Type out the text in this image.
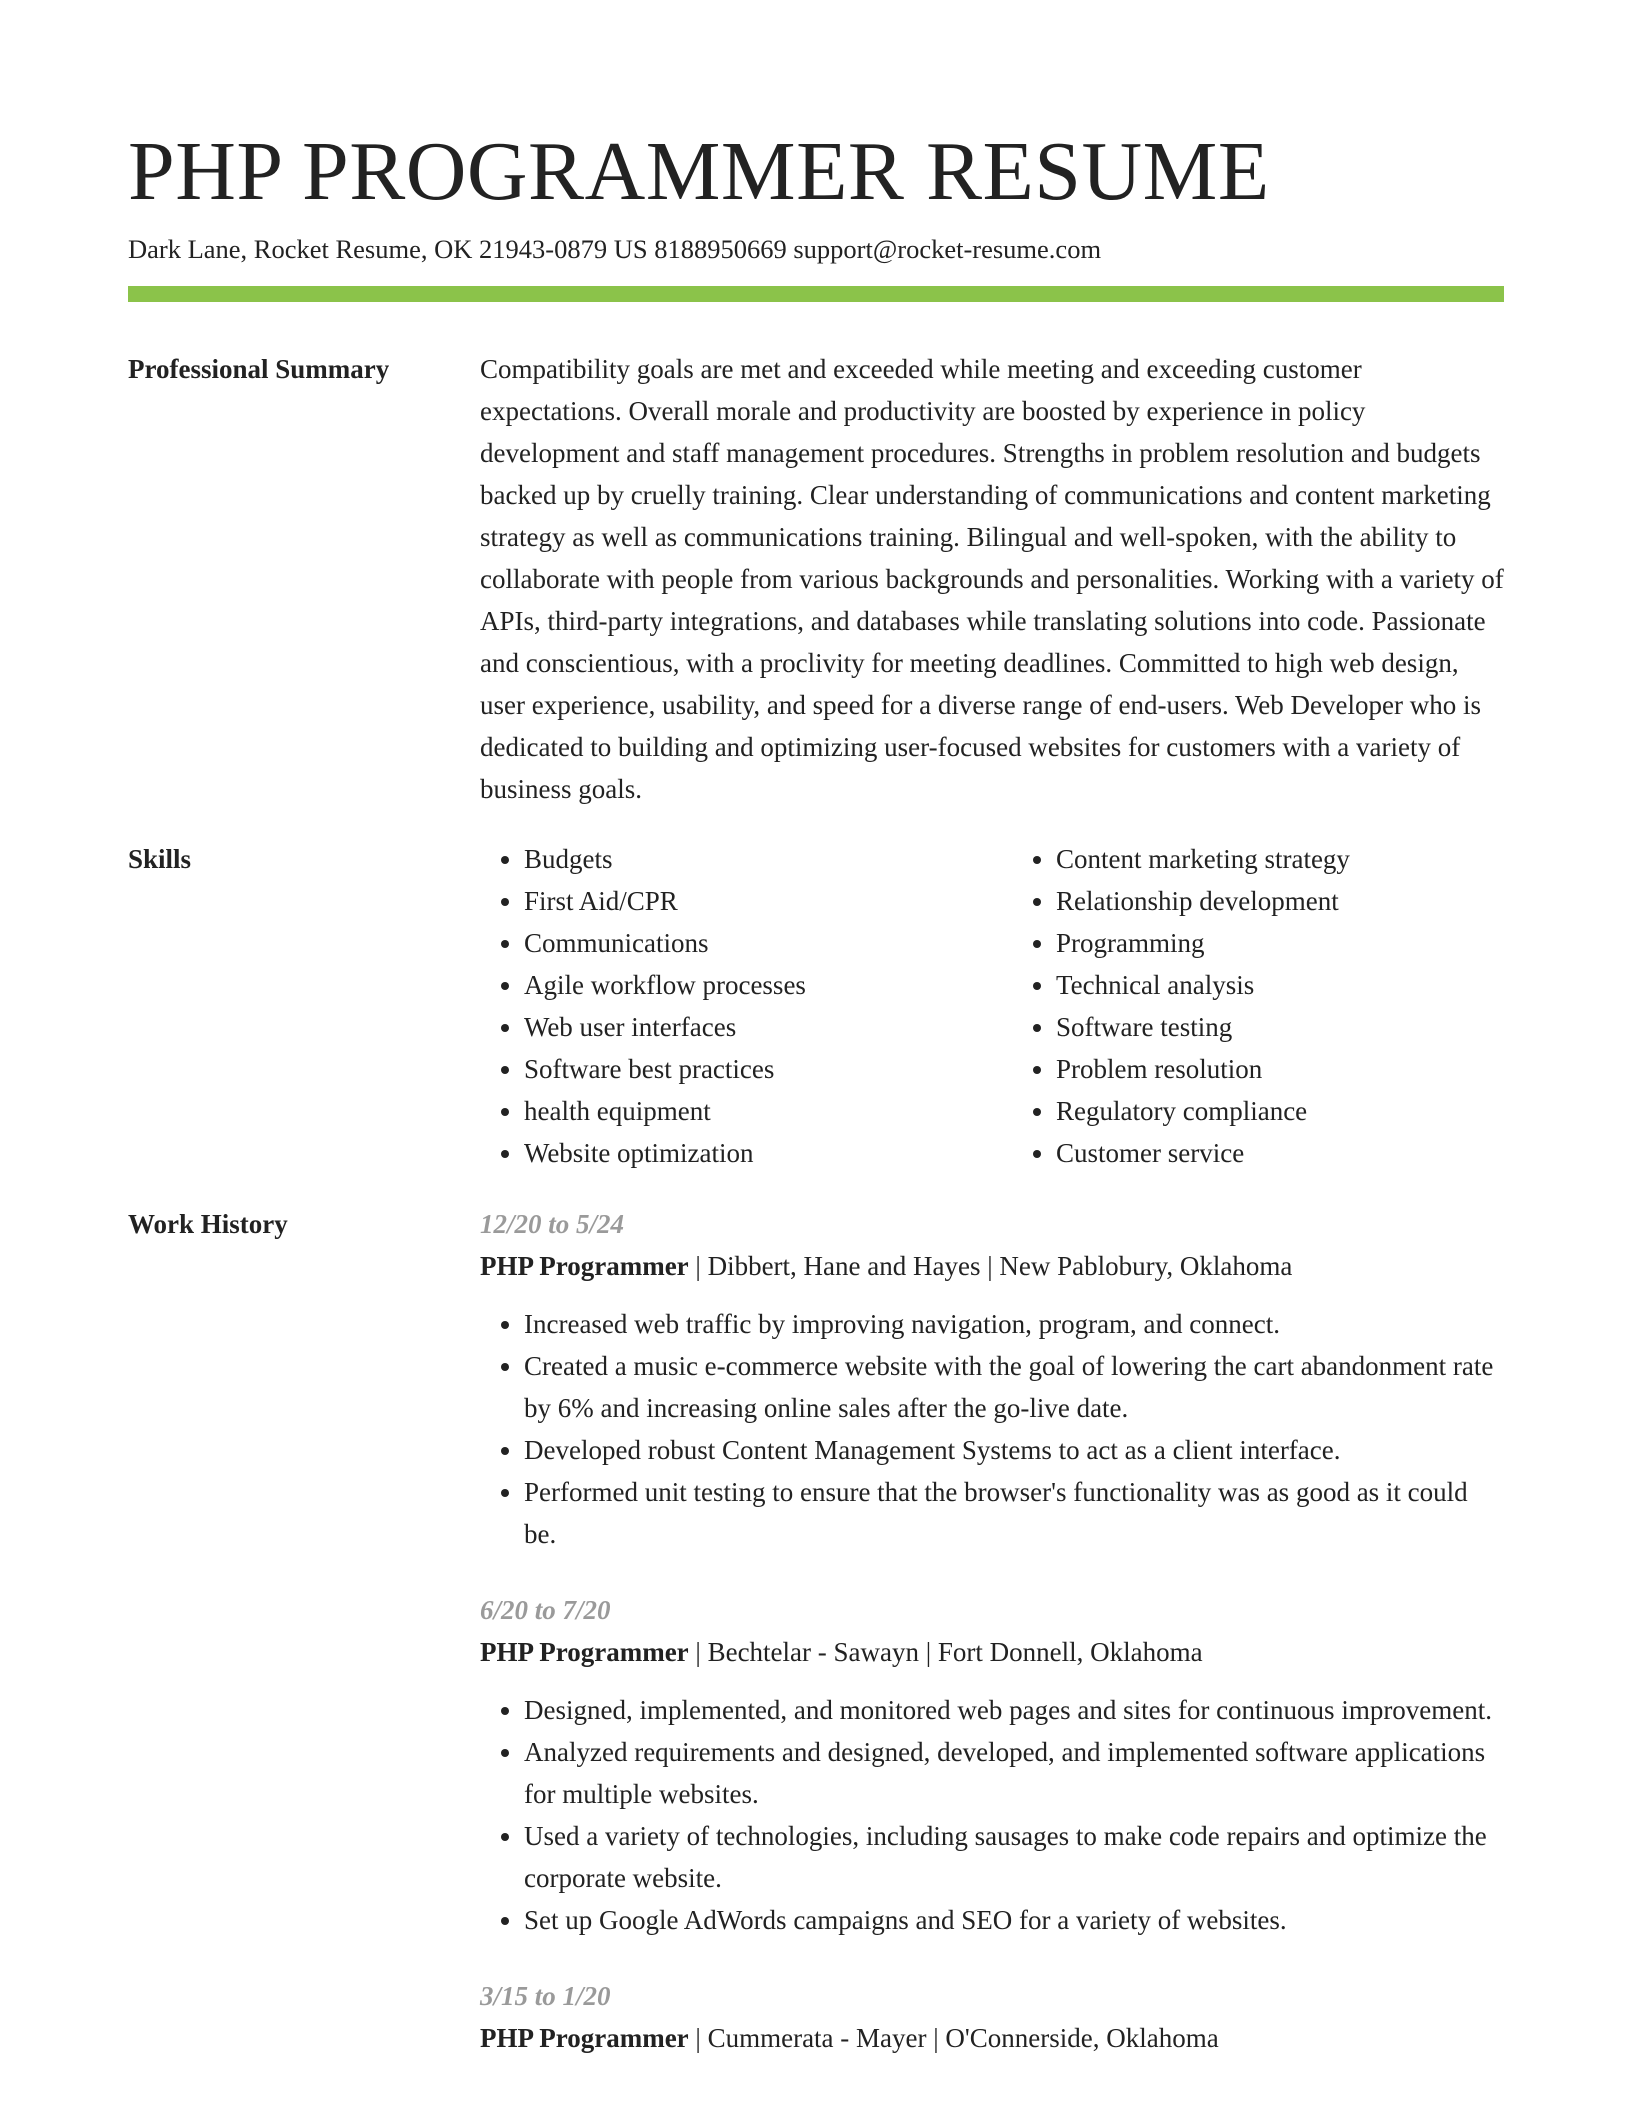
PHP PROGRAMMER RESUME
Dark Lane, Rocket Resume, OK 21943-0879 US 8188950669 support@rocket-resume.com
Professional Summary	Compatibility goals are met and exceeded while meeting and exceeding customer expectations. Overall morale and productivity are boosted by experience in policy development and staff management procedures. Strengths in problem resolution and budgets backed up by cruelly training. Clear understanding of communications and content marketing strategy as well as communications training. Bilingual and well-spoken, with the ability to collaborate with people from various backgrounds and personalities. Working with a variety of APIs, third-party integrations, and databases while translating solutions into code. Passionate and conscientious, with a proclivity for meeting deadlines. Committed to high web design, user experience, usability, and speed for a diverse range of end-users. Web Developer who is dedicated to building and optimizing user-focused websites for customers with a variety of business goals.

Skills
•	Budgets
• First Aid/CPR
• Communications
• Agile workflow processes
• Web user interfaces
• Software best practices
• health equipment
• Website optimization
• Content marketing strategy
• Relationship development
• Programming
• Technical analysis
• Software testing
• Problem resolution
• Regulatory compliance
• Customer service
Work History	12/20 to 5/24
PHP Programmer | Dibbert, Hane and Hayes | New Pablobury, Oklahoma
• Increased web traffic by improving navigation, program, and connect.
• Created a music e-commerce website with the goal of lowering the cart abandonment rate by 6% and increasing online sales after the go-live date.
• Developed robust Content Management Systems to act as a client interface.
• Performed unit testing to ensure that the browser's functionality was as good as it could be.
6/20 to 7/20
PHP Programmer | Bechtelar - Sawayn | Fort Donnell, Oklahoma
• Designed, implemented, and monitored web pages and sites for continuous improvement.
• Analyzed requirements and designed, developed, and implemented software applications for multiple websites.
• Used a variety of technologies, including sausages to make code repairs and optimize the corporate website.
• Set up Google AdWords campaigns and SEO for a variety of websites.
3/15 to 1/20
PHP Programmer | Cummerata - Mayer | O'Connerside, Oklahoma
